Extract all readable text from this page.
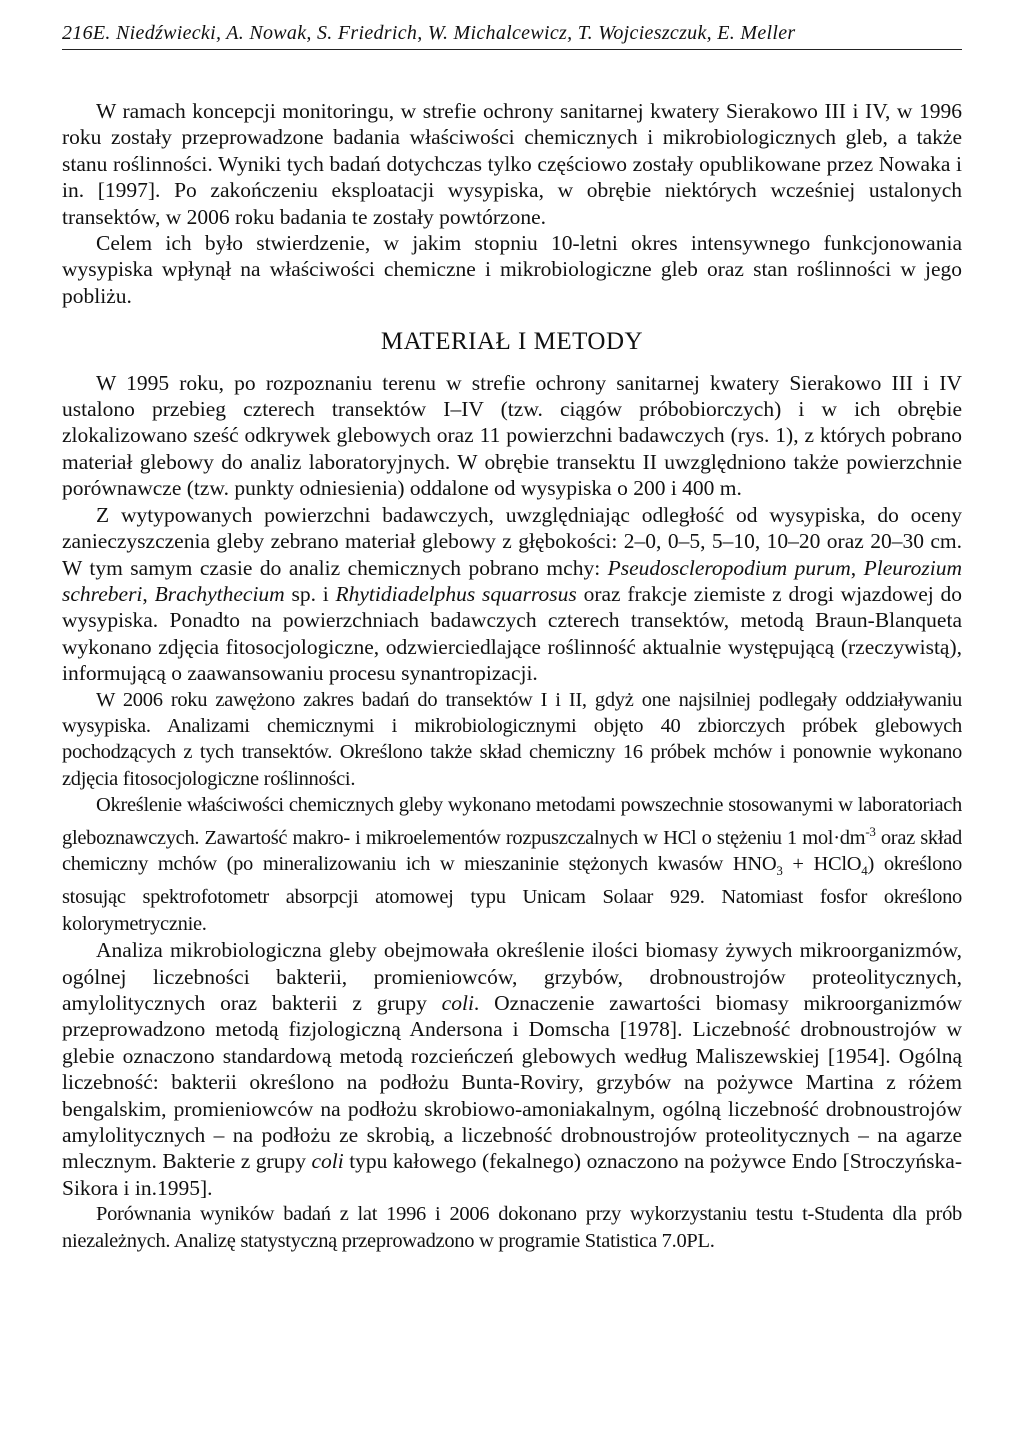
216E. Niedźwiecki, A. Nowak, S. Friedrich, W. Michalcewicz, T. Wojcieszczuk, E. Meller

W ramach koncepcji monitoringu, w strefie ochrony sanitarnej kwatery Sierakowo III i IV, w 1996 roku zostały przeprowadzone badania właściwości chemicznych i mikrobiologicznych gleb, a także stanu roślinności. Wyniki tych badań dotychczas tylko częściowo zostały opublikowane przez Nowaka i in. [1997]. Po zakończeniu eksploatacji wysypiska, w obrębie niektórych wcześniej ustalonych transektów, w 2006 roku badania te zostały powtórzone.

Celem ich było stwierdzenie, w jakim stopniu 10-letni okres intensywnego funkcjonowania wysypiska wpłynął na właściwości chemiczne i mikrobiologiczne gleb oraz stan roślinności w jego pobliżu.

MATERIAŁ I METODY

W 1995 roku, po rozpoznaniu terenu w strefie ochrony sanitarnej kwatery Sierakowo III i IV ustalono przebieg czterech transektów I–IV (tzw. ciągów próbobiorczych) i w ich obrębie zlokalizowano sześć odkrywek glebowych oraz 11 powierzchni badawczych (rys. 1), z których pobrano materiał glebowy do analiz laboratoryjnych. W obrębie transektu II uwzględniono także powierzchnie porównawcze (tzw. punkty odniesienia) oddalone od wysypiska o 200 i 400 m.

Z wytypowanych powierzchni badawczych, uwzględniając odległość od wysypiska, do oceny zanieczyszczenia gleby zebrano materiał glebowy z głębokości: 2–0, 0–5, 5–10, 10–20 oraz 20–30 cm. W tym samym czasie do analiz chemicznych pobrano mchy: Pseudoscleropodium purum, Pleurozium schreberi, Brachythecium sp. i Rhytidiadelphus squarrosus oraz frakcje ziemiste z drogi wjazdowej do wysypiska. Ponadto na powierzchniach badawczych czterech transektów, metodą Braun-Blanqueta wykonano zdjęcia fitosocjologiczne, odzwierciedlające roślinność aktualnie występującą (rzeczywistą), informującą o zaawansowaniu procesu synantropizacji.

W 2006 roku zawężono zakres badań do transektów I i II, gdyż one najsilniej podlegały oddziaływaniu wysypiska. Analizami chemicznymi i mikrobiologicznymi objęto 40 zbiorczych próbek glebowych pochodzących z tych transektów. Określono także skład chemiczny 16 próbek mchów i ponownie wykonano zdjęcia fitosocjologiczne roślinności.

Określenie właściwości chemicznych gleby wykonano metodami powszechnie stosowanymi w laboratoriach gleboznawczych. Zawartość makro- i mikroelementów rozpuszczalnych w HCl o stężeniu 1 $mol\cdot dm^{-3}$ oraz skład chemiczny mchów (po mineralizowaniu ich w mieszaninie stężonych kwasów $HNO_3$ + HClO$_4$) określono stosując spektrofotometr absorpcji atomowej typu Unicam Solaar 929. Natomiast fosfor określono kolorymetrycznie.

Analiza mikrobiologiczna gleby obejmowała określenie ilości biomasy żywych mikroorganizmów, ogólnej liczebności bakterii, promieniowców, grzybów, drobnoustrojów proteolitycznych, amylolitycznych oraz bakterii z grupy coli. Oznaczenie zawartości biomasy mikroorganizmów przeprowadzono metodą fizjologiczną Andersona i Domscha [1978]. Liczebność drobnoustrojów w glebie oznaczono standardową metodą rozcieńczeń glebowych według Maliszewskiej [1954]. Ogólną liczebność: bakterii określono na podłożu Bunta-Roviry, grzybów na pożywce Martina z różem bengalskim, promieniowców na podłożu skrobiowo-amoniakalnym, ogólną liczebność drobnoustrojów amylolitycznych – na podłożu ze skrobią, a liczebność drobnoustrojów proteolitycznych – na agarze mlecznym. Bakterie z grupy coli typu kałowego (fekalnego) oznaczono na pożywce Endo [Stroczyńska-Sikora i in.1995].

Porównania wyników badań z lat 1996 i 2006 dokonano przy wykorzystaniu testu t-Studenta dla prób niezależnych. Analizę statystyczną przeprowadzono w programie Statistica 7.0PL.
